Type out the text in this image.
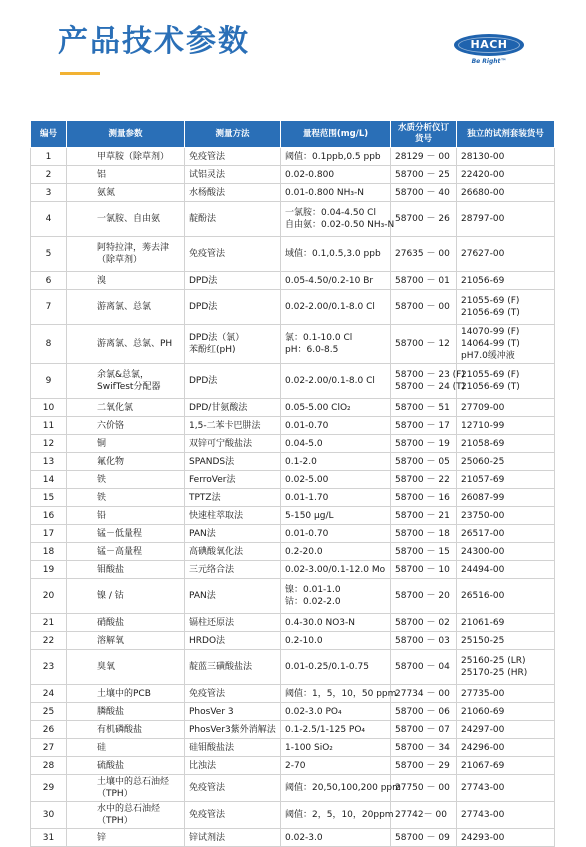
产品技术参数	HACH
Be Right™
编号	测量参数	测量方法	量程范围(mg/L)	水质分析仪订货号	独立的试剂套装货号

1	甲草胺（除草剂）	免疫管法	阈值：0.1ppb,0.5 ppb	28129 － 00	28130-00

2	铝	试铝灵法	0.02-0.800	58700 － 25	22420-00

3	氨氮	水杨酸法	0.01-0.800 NH₃-N	58700 － 40	26680-00

4	一氯胺、自由氨	靛酚法	一氯胺：0.04-4.50 Cl
自由氨：0.02-0.50 NH₃-N	58700 － 26	28797-00

5	阿特拉津，莠去津
（除草剂）	免疫管法	域值：0.1,0.5,3.0 ppb	27635 － 00	27627-00

6	溴	DPD法	0.05-4.50/0.2-10 Br	58700 － 01	21056-69

7	游离氯、总氯	DPD法	0.02-2.00/0.1-8.0 Cl	58700 － 00	21055-69 (F)
21056-69 (T)

8	游离氯、总氯、PH	DPD法（氯）
苯酚红(pH)	氯：0.1-10.0 Cl
pH：6.0-8.5	58700 － 12	14070-99 (F)
14064-99 (T)
pH7.0缓冲液

9	余氯&总氯，SwifTest分配器	DPD法	0.02-2.00/0.1-8.0 Cl	58700 － 23 (F)
58700 － 24 (T)	21055-69 (F)
21056-69 (T)

10	二氧化氯	DPD/甘氨酸法	0.05-5.00 ClO₂	58700 － 51	27709-00

11	六价铬	1,5-二苯卡巴肼法	0.01-0.70	58700 － 17	12710-99

12	铜	双锌可宁酸盐法	0.04-5.0	58700 － 19	21058-69

13	氟化物	SPANDS法	0.1-2.0	58700 － 05	25060-25

14	铁	FerroVer法	0.02-5.00	58700 － 22	21057-69

15	铁	TPTZ法	0.01-1.70	58700 － 16	26087-99

16	铅	快速柱萃取法	5-150 μg/L	58700 － 21	23750-00

17	锰－低量程	PAN法	0.01-0.70	58700 － 18	26517-00

18	锰－高量程	高碘酸氧化法	0.2-20.0	58700 － 15	24300-00

19	钼酸盐	三元络合法	0.02-3.00/0.1-12.0 Mo	58700 － 10	24494-00

20	镍 / 钴	PAN法	镍：0.01-1.0
钴：0.02-2.0	58700 － 20	26516-00

21	硝酸盐	镉柱还原法	0.4-30.0 NO3-N	58700 － 02	21061-69

22	溶解氧	HRDO法	0.2-10.0	58700 － 03	25150-25

23	臭氧	靛蓝三磺酸盐法	0.01-0.25/0.1-0.75	58700 － 04	25160-25 (LR)
25170-25 (HR)

24	土壤中的PCB	免疫管法	阈值：1，5，10，50 ppm	27734 － 00	27735-00

25	膦酸盐	PhosVer 3	0.02-3.0 PO₄	58700 － 06	21060-69

26	有机磷酸盐	PhosVer3紫外消解法	0.1-2.5/1-125 PO₄	58700 － 07	24297-00

27	硅	硅钼酸盐法	1-100 SiO₂	58700 － 34	24296-00

28	硫酸盐	比浊法	2-70	58700 － 29	21067-69

29	土壤中的总石油烃（TPH）	免疫管法	阈值：20,50,100,200 ppm	27750 － 00	27743-00

30	水中的总石油烃（TPH）	免疫管法	阈值：2，5，10，20ppm	27742－ 00	27743-00

31	锌	锌试剂法	0.02-3.0	58700 － 09	24293-00
